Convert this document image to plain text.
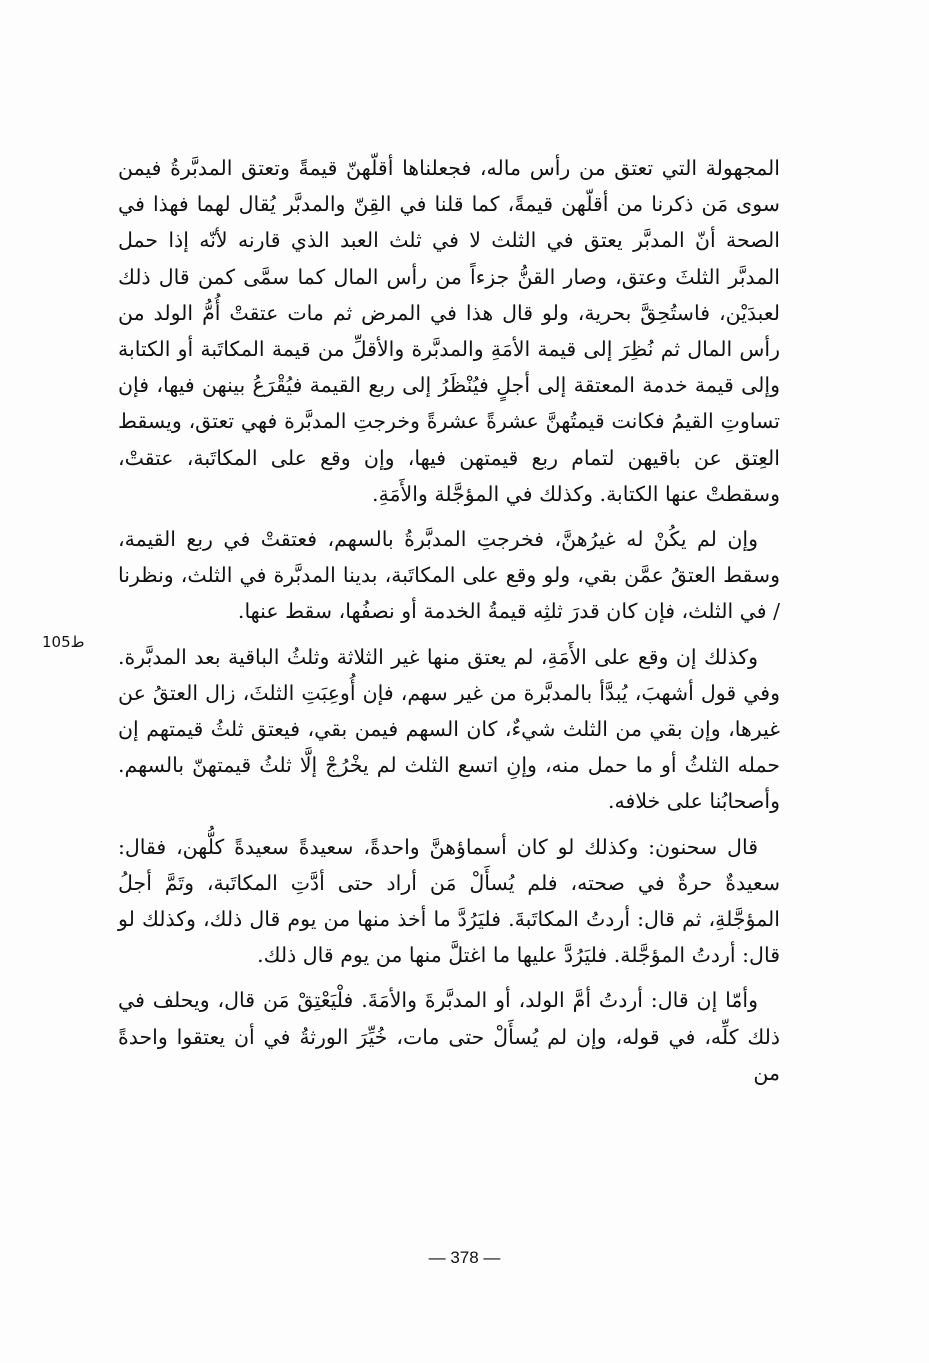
المجهولة التي تعتق من رأس ماله، فجعلناها أقلّهنّ قيمةً وتعتق المدبَّرةُ فيمن سوى مَن ذكرنا من أقلّهن قيمةً، كما قلنا في القِنّ والمدبَّر يُقال لهما فهذا في الصحة أنّ المدبَّر يعتق في الثلث لا في ثلث العبد الذي قارنه لأنّه إذا حمل المدبَّر الثلثَ وعتق، وصار القنُّ جزءاً من رأس المال كما سمَّى كمن قال ذلك لعبدَيْن، فاستُحِقَّ بحرية، ولو قال هذا في المرض ثم مات عتقتْ أُمُّ الولد من رأس المال ثم نُظِرَ إلى قيمة الأمَةِ والمدبَّرة والأقلِّ من قيمة المكاتَبة أو الكتابة وإلى قيمة خدمة المعتقة إلى أجلٍ فيُنْظَرُ إلى ربع القيمة فيُقْرَعُ بينهن فيها، فإن تساوتِ القيمُ فكانت قيمتُهنَّ عشرةً عشرةً وخرجتِ المدبَّرة فهي تعتق، ويسقط العِتق عن باقيهن لتمام ربع قيمتهن فيها، وإن وقع على المكاتَبة، عتقتْ، وسقطتْ عنها الكتابة. وكذلك في المؤجَّلة والأَمَةِ.

وإن لم يكُنْ له غيرُهنَّ، فخرجتِ المدبَّرةُ بالسهم، فعتقتْ في ربع القيمة، وسقط العتقُ عمَّن بقي، ولو وقع على المكاتَبة، بدينا المدبَّرة في الثلث، ونظرنا / في الثلث، فإن كان قدرَ ثلثِه قيمةُ الخدمة أو نصفُها، سقط عنها.

وكذلك إن وقع على الأَمَةِ، لم يعتق منها غير الثلاثة وثلثُ الباقية بعد المدبَّرة. وفي قول أشهبَ، يُبدَّأ بالمدبَّرة من غير سهم، فإن أُوعِبَتِ الثلثَ، زال العتقُ عن غيرها، وإن بقي من الثلث شيءٌ، كان السهم فيمن بقي، فيعتق ثلثُ قيمتهم إن حمله الثلثُ أو ما حمل منه، وإنِ اتسع الثلث لم يخْرُجْ إلَّا ثلثُ قيمتهنّ بالسهم. وأصحابُنا على خلافه.

قال سحنون: وكذلك لو كان أسماؤهنَّ واحدةً، سعيدةً سعيدةً كلُّهن، فقال: سعيدةٌ حرةٌ في صحته، فلم يُسأَلْ مَن أراد حتى أدَّتِ المكاتَبة، وتَمَّ أجلُ المؤجَّلةِ، ثم قال: أردتُ المكاتَبةَ. فليَرُدَّ ما أخذ منها من يوم قال ذلك، وكذلك لو قال: أردتُ المؤجَّلة. فليَرُدَّ عليها ما اغتلَّ منها من يوم قال ذلك.

وأمّا إن قال: أردتُ أمَّ الولد، أو المدبَّرةَ والأمَةَ. فلْيَعْتِقْ مَن قال، ويحلف في ذلك كلِّه، في قوله، وإن لم يُسأَلْ حتى مات، خُيِّرَ الورثةُ في أن يعتقوا واحدةً من

ط105
— 378 —
